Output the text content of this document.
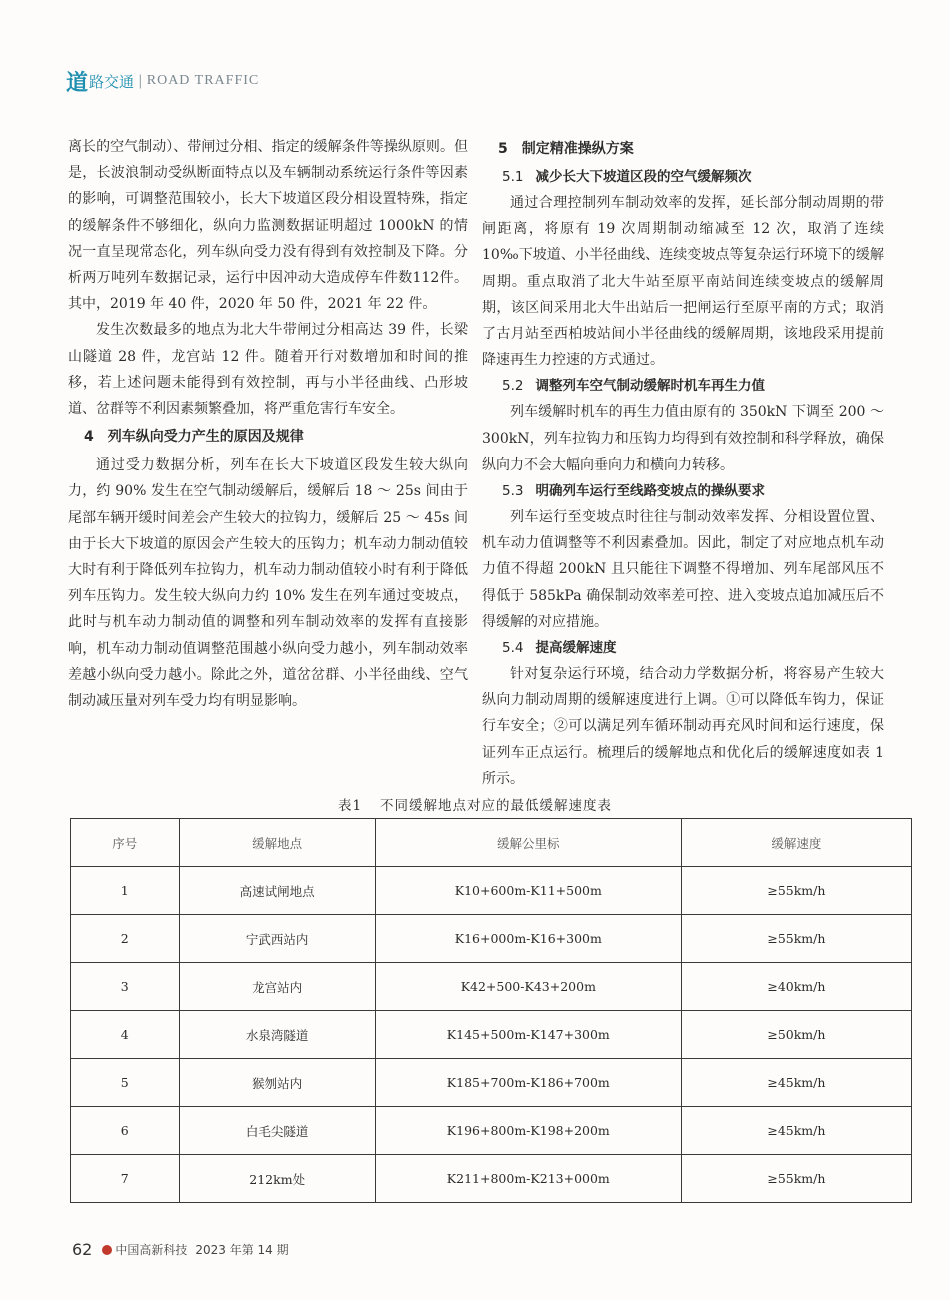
道 路交通 | ROAD TRAFFIC

离长的空气制动）、带闸过分相、指定的缓解条件等操纵原则。但是，长波浪制动受纵断面特点以及车辆制动系统运行条件等因素的影响，可调整范围较小，长大下坡道区段分相设置特殊，指定的缓解条件不够细化，纵向力监测数据证明超过 1000kN 的情况一直呈现常态化，列车纵向受力没有得到有效控制及下降。分析两万吨列车数据记录，运行中因冲动大造成停车件数112件。其中，2019 年 40 件，2020 年 50 件，2021 年 22 件。

发生次数最多的地点为北大牛带闸过分相高达 39 件，长梁山隧道 28 件，龙宫站 12 件。随着开行对数增加和时间的推移，若上述问题未能得到有效控制，再与小半径曲线、凸形坡道、岔群等不利因素频繁叠加，将严重危害行车安全。

4 列车纵向受力产生的原因及规律

通过受力数据分析，列车在长大下坡道区段发生较大纵向力，约 90% 发生在空气制动缓解后，缓解后 18 ～ 25s 间由于尾部车辆开缓时间差会产生较大的拉钩力，缓解后 25 ～ 45s 间由于长大下坡道的原因会产生较大的压钩力；机车动力制动值较大时有利于降低列车拉钩力，机车动力制动值较小时有利于降低列车压钩力。发生较大纵向力约 10% 发生在列车通过变坡点，此时与机车动力制动值的调整和列车制动效率的发挥有直接影响，机车动力制动值调整范围越小纵向受力越小，列车制动效率差越小纵向受力越小。除此之外，道岔岔群、小半径曲线、空气制动减压量对列车受力均有明显影响。

5 制定精准操纵方案
5.1 减少长大下坡道区段的空气缓解频次

通过合理控制列车制动效率的发挥，延长部分制动周期的带闸距离，将原有 19 次周期制动缩减至 12 次，取消了连续 10‰下坡道、小半径曲线、连续变坡点等复杂运行环境下的缓解周期。重点取消了北大牛站至原平南站间连续变坡点的缓解周期，该区间采用北大牛出站后一把闸运行至原平南的方式；取消了古月站至西柏坡站间小半径曲线的缓解周期，该地段采用提前降速再生力控速的方式通过。

5.2 调整列车空气制动缓解时机车再生力值

列车缓解时机车的再生力值由原有的 350kN 下调至 200 ～ 300kN，列车拉钩力和压钩力均得到有效控制和科学释放，确保纵向力不会大幅向垂向力和横向力转移。

5.3 明确列车运行至线路变坡点的操纵要求

列车运行至变坡点时往往与制动效率发挥、分相设置位置、机车动力值调整等不利因素叠加。因此，制定了对应地点机车动力值不得超 200kN 且只能往下调整不得增加、列车尾部风压不得低于 585kPa 确保制动效率差可控、进入变坡点追加减压后不得缓解的对应措施。

5.4 提高缓解速度

针对复杂运行环境，结合动力学数据分析，将容易产生较大纵向力制动周期的缓解速度进行上调。①可以降低车钩力，保证行车安全；②可以满足列车循环制动再充风时间和运行速度，保证列车正点运行。梳理后的缓解地点和优化后的缓解速度如表 1 所示。

表1 不同缓解地点对应的最低缓解速度表
序号	缓解地点	缓解公里标	缓解速度
1	高速试闸地点	K10+600m-K11+500m	≥55km/h
2	宁武西站内	K16+000m-K16+300m	≥55km/h
3	龙宫站内	K42+500-K43+200m	≥40km/h
4	水泉湾隧道	K145+500m-K147+300m	≥50km/h
5	猴刎站内	K185+700m-K186+700m	≥45km/h
6	白毛尖隧道	K196+800m-K198+200m	≥45km/h
7	212km处	K211+800m-K213+000m	≥55km/h
62 中国高新科技 2023 年第 14 期
